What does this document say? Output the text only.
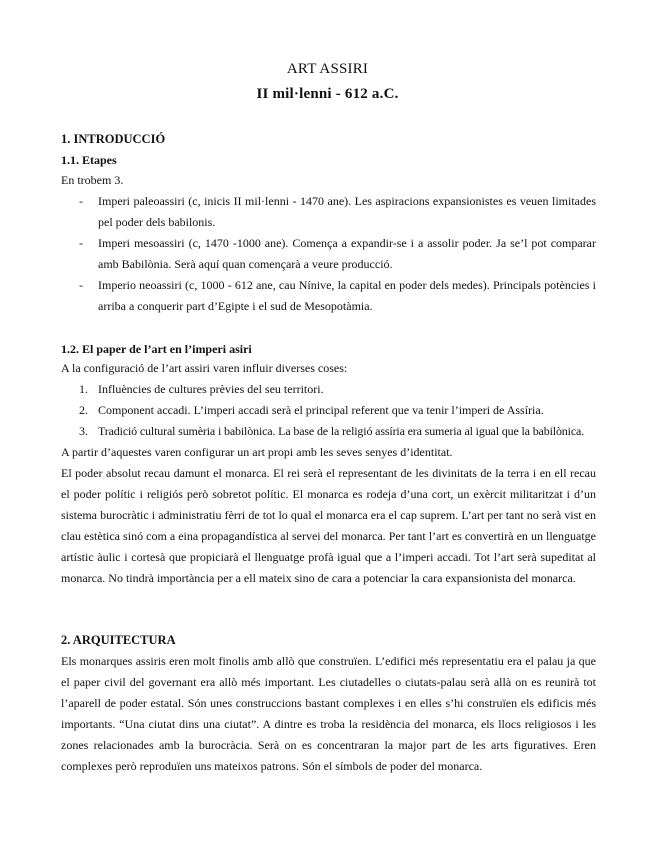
ART ASSIRI
II mil·lenni - 612 a.C.
1. INTRODUCCIÓ
1.1. Etapes
En trobem 3.
- Imperi paleoassiri (c, inicis II mil·lenni - 1470 ane). Les aspiracions expansionistes es veuen limitades pel poder dels babilonis.
- Imperi mesoassiri (c, 1470 -1000 ane). Comença a expandir-se i a assolir poder. Ja se’l pot comparar amb Babilònia. Serà aquí quan començarà a veure producció.
- Imperio neoassiri (c, 1000 - 612 ane, cau Nínive, la capital en poder dels medes). Principals potències i arriba a conquerir part d’Egipte i el sud de Mesopotàmia.
1.2. El paper de l’art en l’imperi asiri
A la configuració de l’art assiri varen influir diverses coses:
1. Influències de cultures prèvies del seu territori.
2. Component accadi. L’imperi accadi serà el principal referent que va tenir l’imperi de Assíria.
3. Tradició cultural sumèria i babilònica. La base de la religió assíria era sumeria al igual que la babilònica.
A partir d’aquestes varen configurar un art propi amb les seves senyes d’identitat.
El poder absolut recau damunt el monarca. El rei serà el representant de les divinitats de la terra i en ell recau el poder polític i religiós però sobretot polític. El monarca es rodeja d’una cort, un exèrcit militaritzat i d’un sistema burocràtic i administratiu fèrri de tot lo qual el monarca era el cap suprem. L’art per tant no serà vist en clau estètica sinó com a eina propagandística al servei del monarca. Per tant l’art es convertirà en un llenguatge artístic àulic i cortesà que propiciarà el llenguatge profà igual que a l’imperi accadi. Tot l’art serà supeditat al monarca. No tindrà importància per a ell mateix sino de cara a potenciar la cara expansionista del monarca.
2. ARQUITECTURA
Els monarques assiris eren molt finolis amb allò que construïen. L’edifici més representatiu era el palau ja que el paper civil del governant era allò més important. Les ciutadelles o ciutats-palau serà allà on es reunirà tot l’aparell de poder estatal. Són unes construccions bastant complexes i en elles s’hi construïen els edificis més importants. “Una ciutat dins una ciutat”. A dintre es troba la residència del monarca, els llocs religiosos i les zones relacionades amb la burocràcia. Serà on es concentraran la major part de les arts figuratives. Eren complexes però reproduïen uns mateixos patrons. Són el símbols de poder del monarca.
